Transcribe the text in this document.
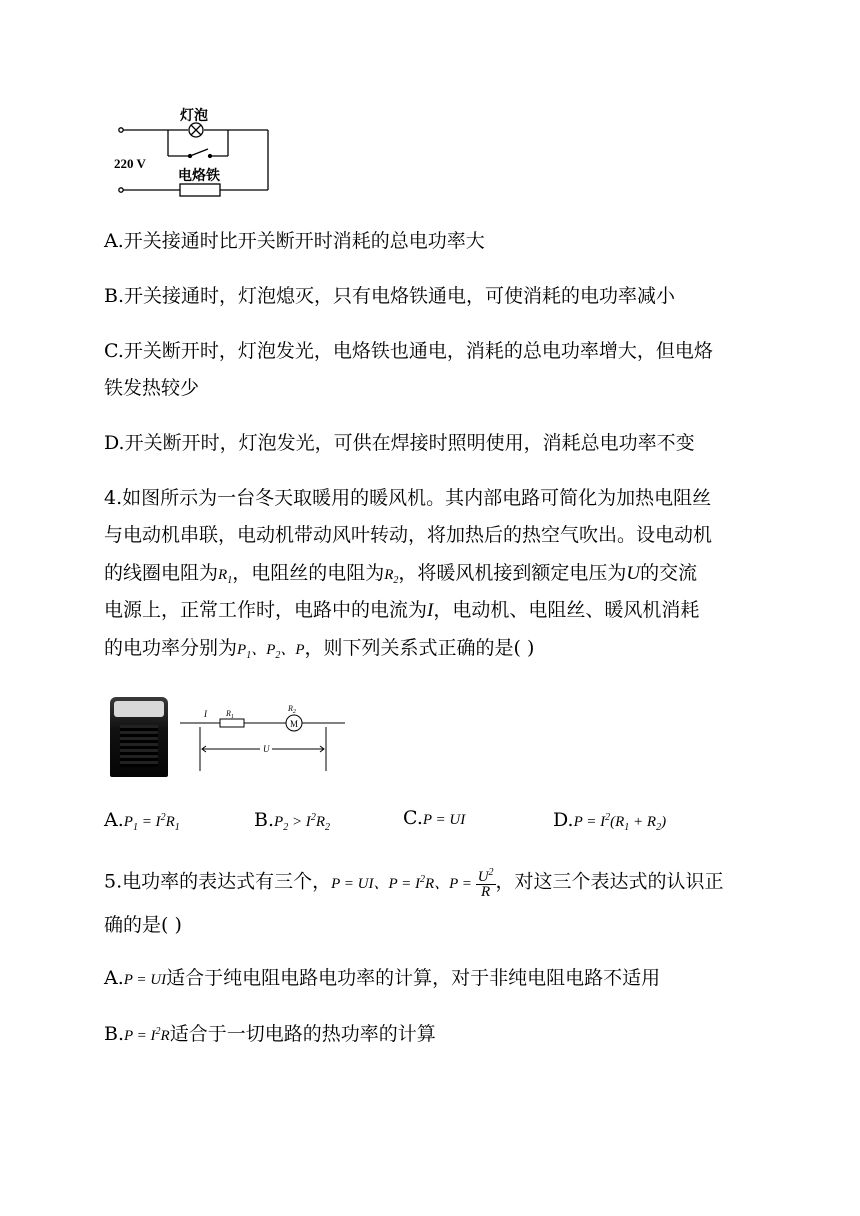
灯泡
220 V
电烙铁
A.开关接通时比开关断开时消耗的总电功率大
B.开关接通时，灯泡熄灭，只有电烙铁通电，可使消耗的电功率减小
C.开关断开时，灯泡发光，电烙铁也通电，消耗的总电功率增大，但电烙
铁发热较少
D.开关断开时，灯泡发光，可供在焊接时照明使用，消耗总电功率不变
4.如图所示为一台冬天取暖用的暖风机。其内部电路可简化为加热电阻丝
与电动机串联，电动机带动风叶转动，将加热后的热空气吹出。设电动机
的线圈电阻为$R_1$，电阻丝的电阻为$R_2$，将暖风机接到额定电压为U的交流
电源上，正常工作时，电路中的电流为I，电动机、电阻丝、暖风机消耗
的电功率分别为$P_1$、$P_2$、P，则下列关系式正确的是( )
I $R_1$
$R_2$
M
U
$A.P_1 = I^2R_1$	$B.P_2 > I^2R_2$	C.P = UI	$D.P = I^2(R_1 + R_2)$
5.电功率的表达式有三个，P = UI、$P = I^2R$、$P = \frac{U^2}{R}$ ，对这三个表达式的认识正
确的是( )
A.P = UI适合于纯电阻电路电功率的计算，对于非纯电阻电路不适用
$B.P = I^2R$适合于一切电路的热功率的计算
